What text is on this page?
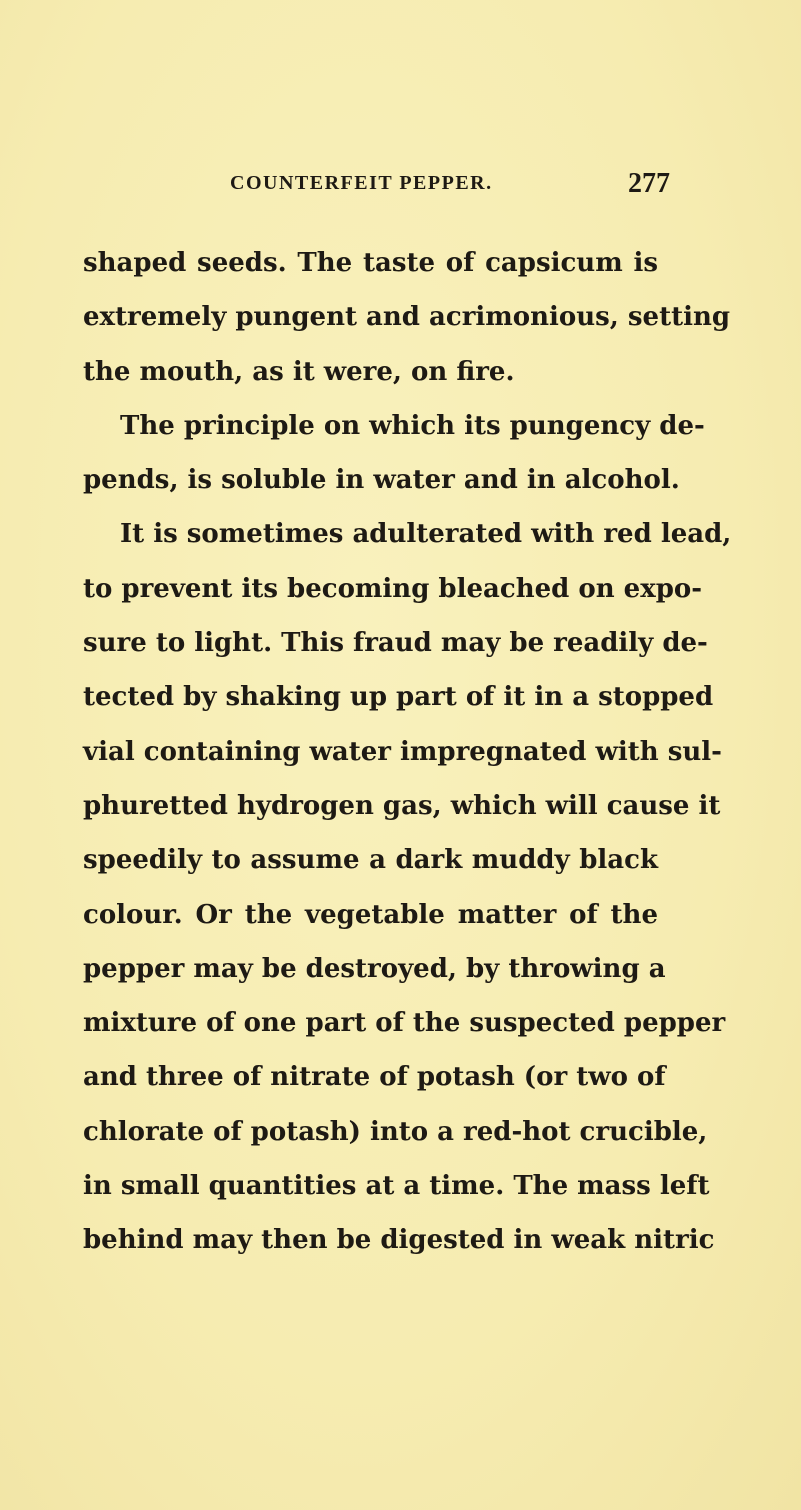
COUNTERFEIT PEPPER.	277
shaped seeds. The taste of capsicum is
extremely pungent and acrimonious, setting
the mouth, as it were, on fire.
The principle on which its pungency de-
pends, is soluble in water and in alcohol.
It is sometimes adulterated with red lead,
to prevent its becoming bleached on expo-
sure to light. This fraud may be readily de-
tected by shaking up part of it in a stopped
vial containing water impregnated with sul-
phuretted hydrogen gas, which will cause it
speedily to assume a dark muddy black
colour. Or the vegetable matter of the
pepper may be destroyed, by throwing a
mixture of one part of the suspected pepper
and three of nitrate of potash (or two of
chlorate of potash) into a red-hot crucible,
in small quantities at a time. The mass left
behind may then be digested in weak nitric
